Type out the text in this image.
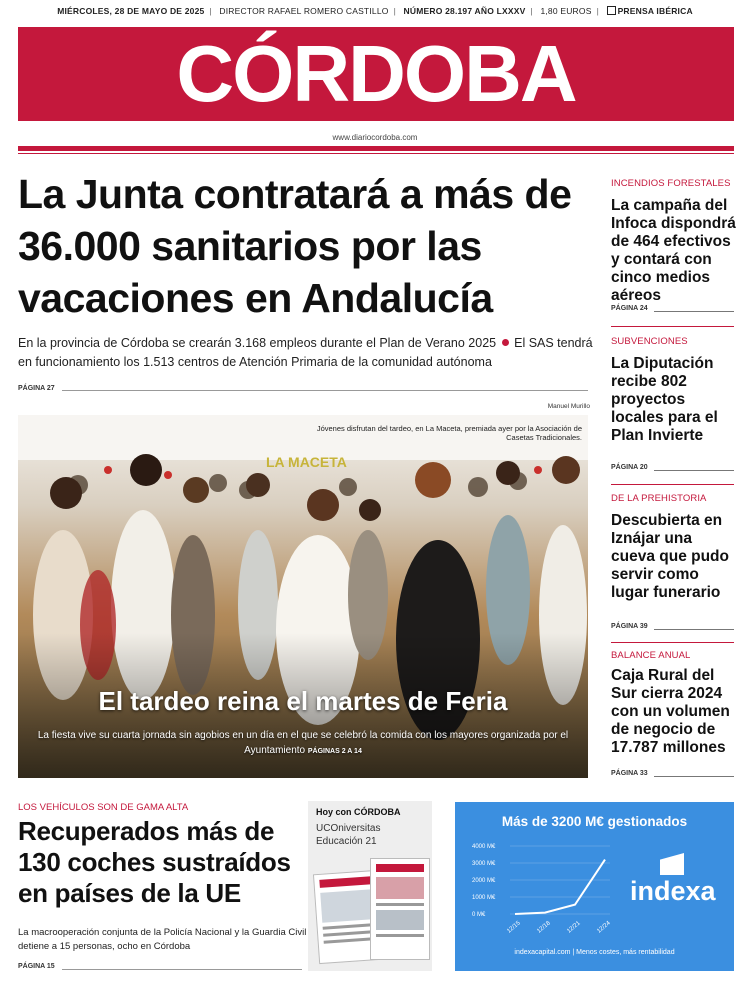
MIÉRCOLES, 28 DE MAYO DE 2025 | DIRECTOR RAFAEL ROMERO CASTILLO | NÚMERO 28.197 AÑO LXXXV | 1,80 EUROS | PRENSA IBÉRICA
CÓRDOBA
www.diariocordoba.com
La Junta contratará a más de 36.000 sanitarios por las vacaciones en Andalucía
En la provincia de Córdoba se crearán 3.168 empleos durante el Plan de Verano 2025 El SAS tendrá en funcionamiento los 1.513 centros de Atención Primaria de la comunidad autónoma
PÁGINA 27
Manuel Murillo
Jóvenes disfrutan del tardeo, en La Maceta, premiada ayer por la Asociación de Casetas Tradicionales.
El tardeo reina el martes de Feria
La fiesta vive su cuarta jornada sin agobios en un día en el que se celebró la comida con los mayores organizada por el Ayuntamiento PÁGINAS 2 A 14
INCENDIOS FORESTALES
La campaña del Infoca dispondrá de 464 efectivos y contará con cinco medios aéreos
PÁGINA 24
SUBVENCIONES
La Diputación recibe 802 proyectos locales para el Plan Invierte
PÁGINA 20
DE LA PREHISTORIA
Descubierta en Iznájar una cueva que pudo servir como lugar funerario
PÁGINA 39
BALANCE ANUAL
Caja Rural del Sur cierra 2024 con un volumen de negocio de 17.787 millones
PÁGINA 33
LOS VEHÍCULOS SON DE GAMA ALTA
Recuperados más de 130 coches sustraídos en países de la UE
La macrooperación conjunta de la Policía Nacional y la Guardia Civil detiene a 15 personas, ocho en Córdoba
PÁGINA 15
Hoy con CÓRDOBA
UCOniversitas
Educación 21
Más de 3200 M€ gestionados
4000 M€
3000 M€
2000 M€
1000 M€
0 M€
12/15 12/18 12/21 12/24
indexa
indexacapital.com | Menos costes, más rentabilidad
